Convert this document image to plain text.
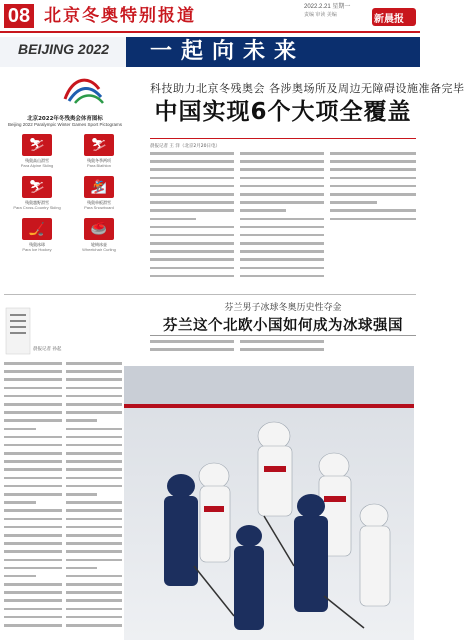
08 北京冬奥特别报道	2022.2.21 星期一
责编 审读 美编	新晨报
BEIJING 2022 一起向未来
北京2022年冬残奥会体育图标
Beijing 2022 Paralympic Winter Games Sport Pictograms
⛷
残奥高山滑雪
Para Alpine Skiing
⛷
残奥冬季两项
Para Biathlon
⛷
残奥越野滑雪
Para Cross-Country Skiing
🏂
残奥单板滑雪
Para Snowboard
🏒
残奥冰球
Para Ice Hockey
🥌
轮椅冰壶
Wheelchair Curling
科技助力北京冬残奥会 各涉奥场所及周边无障碍设施准备完毕
中国实现6个大项全覆盖
晨报记者 王 洋（北京2月20日电）
晨报记者 孙起
芬兰男子冰球冬奥历史性夺金
芬兰这个北欧小国如何成为冰球强国
